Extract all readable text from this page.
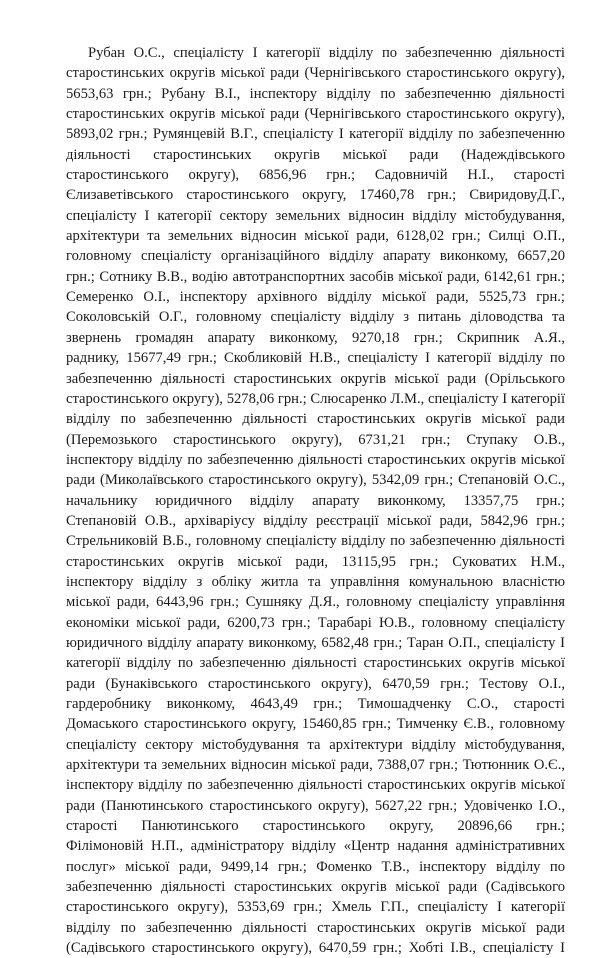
Рубан О.С., спеціалісту І категорії відділу по забезпеченню діяльності
старостинських округів міської ради (Чернігівського старостинського округу),
5653,63 грн.; Рубану В.І., інспектору відділу по забезпеченню діяльності
старостинських округів міської ради (Чернігівського старостинського округу),
5893,02 грн.; Румянцевій В.Г., спеціалісту І категорії відділу по забезпеченню
діяльності старостинських округів міської ради (Надеждівського
старостинського округу), 6856,96 грн.; Садовничій Н.І., старості
Єлизаветівського старостинського округу, 17460,78 грн.; СвиридовуД.Г.,
спеціалісту І категорії сектору земельних відносин відділу містобудування,
архітектури та земельних відносин міської ради, 6128,02 грн.; Силці О.П.,
головному спеціалісту організаційного відділу апарату виконкому, 6657,20
грн.; Сотнику В.В., водію автотранспортних засобів міської ради, 6142,61 грн.;
Семеренко О.І., інспектору архівного відділу міської ради, 5525,73 грн.;
Соколовській О.Г., головному спеціалісту відділу з питань діловодства та
звернень громадян апарату виконкому, 9270,18 грн.; Скрипник А.Я.,
раднику, 15677,49 грн.; Скобликовій Н.В., спеціалісту І категорії відділу по
забезпеченню діяльності старостинських округів міської ради (Орільського
старостинського округу), 5278,06 грн.; Слюсаренко Л.М., спеціалісту І категорії
відділу по забезпеченню діяльності старостинських округів міської ради
(Перемозького старостинського округу), 6731,21 грн.; Ступаку О.В.,
інспектору відділу по забезпеченню діяльності старостинських округів міської
ради (Миколаївського старостинського округу), 5342,09 грн.; Степановій О.С.,
начальнику юридичного відділу апарату виконкому, 13357,75 грн.;
Степановій О.В., архіваріусу відділу реєстрації міської ради, 5842,96 грн.;
Стрельниковій В.Б., головному спеціалісту відділу по забезпеченню діяльності
старостинських округів міської ради, 13115,95 грн.; Суковатих Н.М.,
інспектору відділу з обліку житла та управління комунальною власністю
міської ради, 6443,96 грн.; Сушняку Д.Я., головному спеціалісту управління
економіки міської ради, 6200,73 грн.; Тарабарі Ю.В., головному спеціалісту
юридичного відділу апарату виконкому, 6582,48 грн.; Таран О.П., спеціалісту І
категорії відділу по забезпеченню діяльності старостинських округів міської
ради (Бунаківського старостинського округу), 6470,59 грн.; Тестову О.І.,
гардеробнику виконкому, 4643,49 грн.; Тимошадченку С.О., старості
Домаського старостинського округу, 15460,85 грн.; Тимченку Є.В., головному
спеціалісту сектору містобудування та архітектури відділу містобудування,
архітектури та земельних відносин міської ради, 7388,07 грн.; Тютюнник О.Є.,
інспектору відділу по забезпеченню діяльності старостинських округів міської
ради (Панютинського старостинського округу), 5627,22 грн.; Удовіченко І.О.,
старості Панютинського старостинського округу, 20896,66 грн.;
Філімоновій Н.П., адміністратору відділу «Центр надання адміністративних
послуг» міської ради, 9499,14 грн.; Фоменко Т.В., інспектору відділу по
забезпеченню діяльності старостинських округів міської ради (Садівського
старостинського округу), 5353,69 грн.; Хмель Г.П., спеціалісту І категорії
відділу по забезпеченню діяльності старостинських округів міської ради
(Садівського старостинського округу), 6470,59 грн.; Хобті І.В., спеціалісту І
